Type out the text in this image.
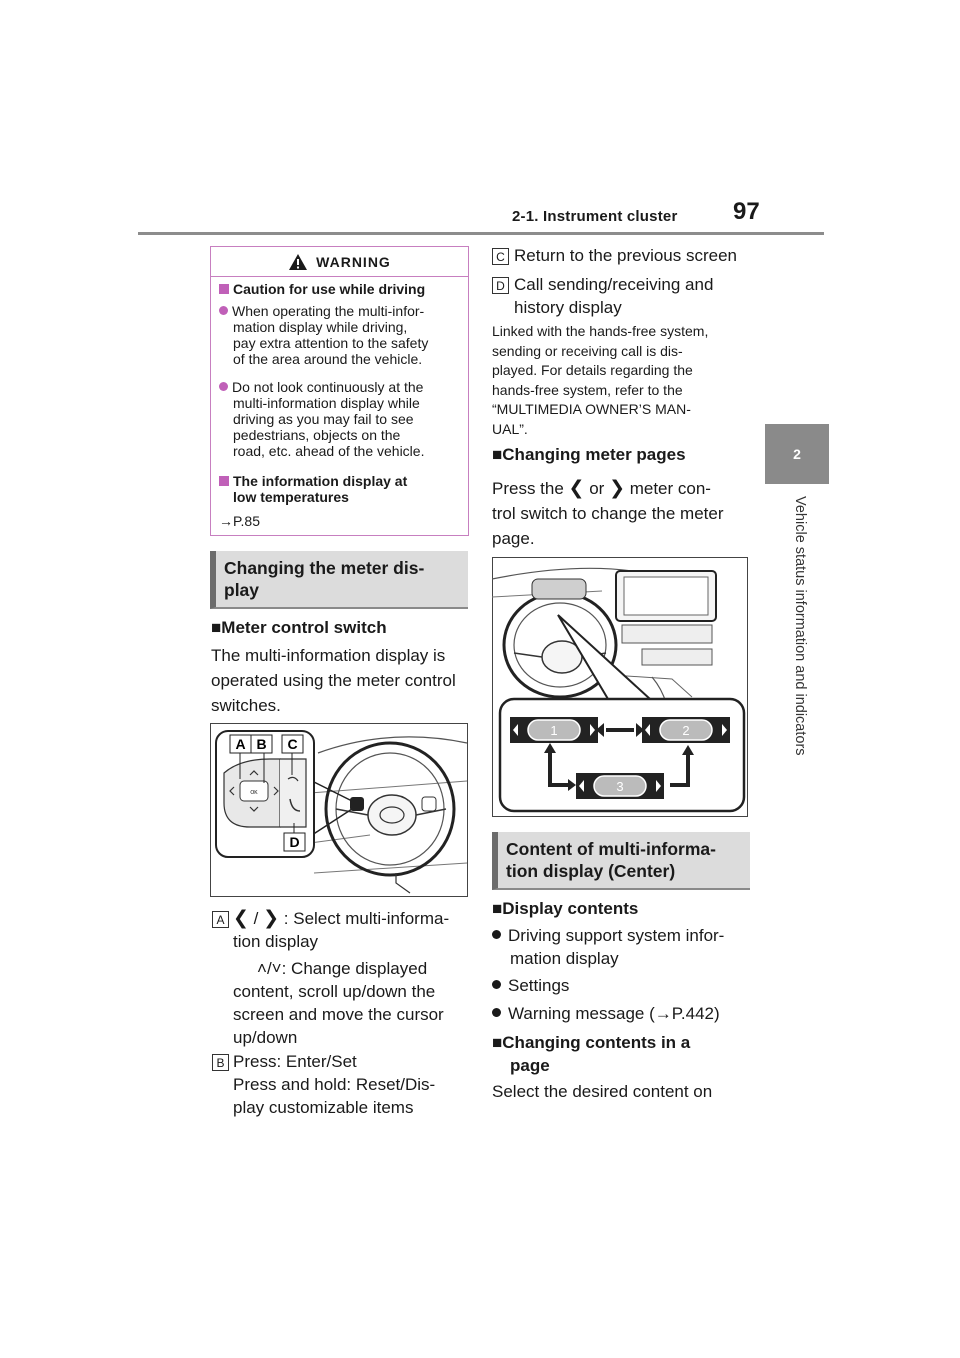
2-1. Instrument cluster 97
2
Vehicle status information and indicators
WARNING
Caution for use while driving
When operating the multi-infor-
mation display while driving,
pay extra attention to the safety
of the area around the vehicle.
Do not look continuously at the
multi-information display while
driving as you may fail to see
pedestrians, objects on the
road, etc. ahead of the vehicle.
The information display at
low temperatures
→P.85
Changing the meter dis-
play
■Meter control switch
The multi-information display is
operated using the meter control
switches.
OK
A B C
D
A ❮ / ❯ : Select multi-informa-
tion display
˄/˅: Change displayed
content, scroll up/down the
screen and move the cursor
up/down
B Press: Enter/Set
Press and hold: Reset/Dis-
play customizable items
C Return to the previous screen
D Call sending/receiving and
history display
Linked with the hands-free system,
sending or receiving call is dis-
played. For details regarding the
hands-free system, refer to the
“MULTIMEDIA OWNER’S MAN-
UAL”.
■Changing meter pages
Press the ❮ or ❯ meter con-
trol switch to change the meter
page.
1	2
3
Content of multi-informa-
tion display (Center)
■Display contents
Driving support system infor-
mation display
Settings
Warning message (→P.442)
■Changing contents in a
page
Select the desired content on
